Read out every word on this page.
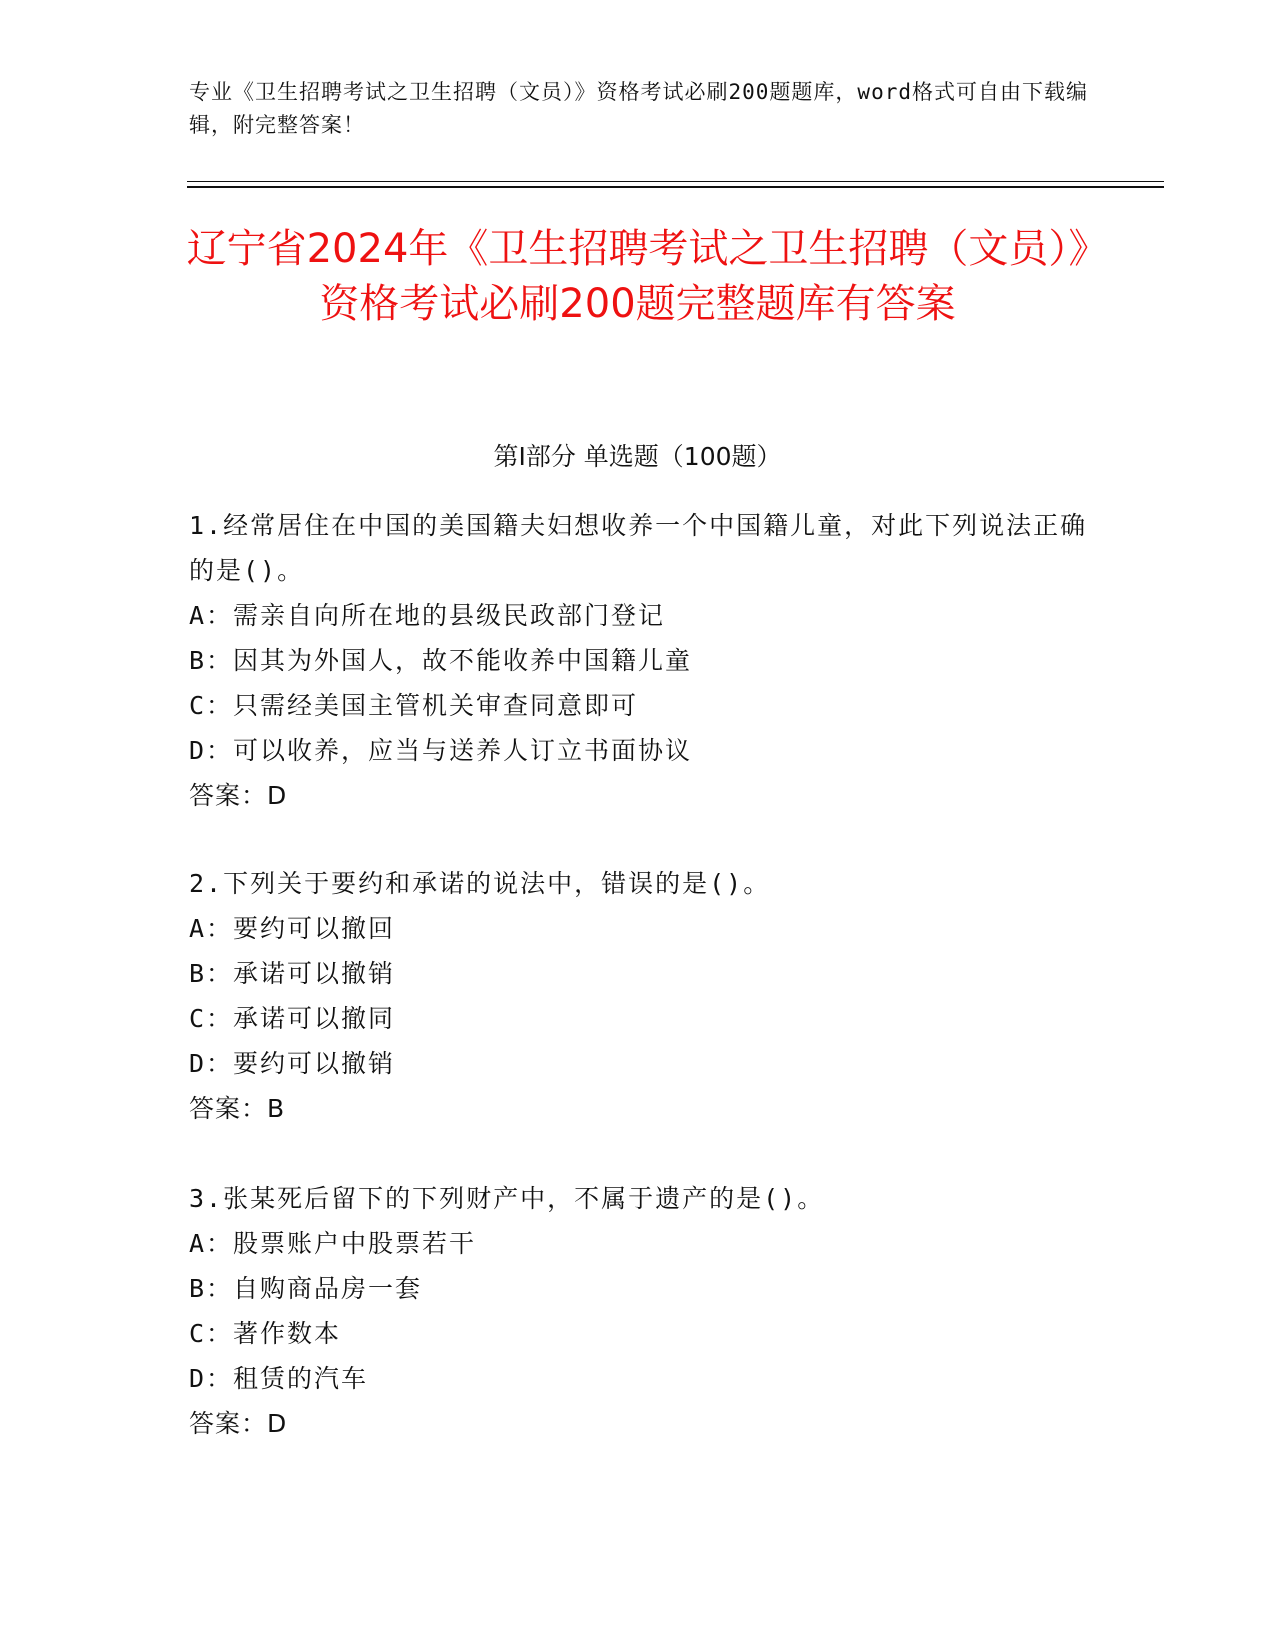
专业《卫生招聘考试之卫生招聘（文员）》资格考试必刷200题题库，word格式可自由下载编辑，附完整答案！
辽宁省2024年《卫生招聘考试之卫生招聘（文员）》资格考试必刷200题完整题库有答案
第I部分 单选题（100题）

1.经常居住在中国的美国籍夫妇想收养一个中国籍儿童，对此下列说法正确的是()。

A：需亲自向所在地的县级民政部门登记

B：因其为外国人，故不能收养中国籍儿童

C：只需经美国主管机关审查同意即可

D：可以收养，应当与送养人订立书面协议

答案：D

2.下列关于要约和承诺的说法中，错误的是()。

A：要约可以撤回

B：承诺可以撤销

C：承诺可以撤同

D：要约可以撤销

答案：B

3.张某死后留下的下列财产中，不属于遗产的是()。

A：股票账户中股票若干

B：自购商品房一套

C：著作数本

D：租赁的汽车

答案：D
